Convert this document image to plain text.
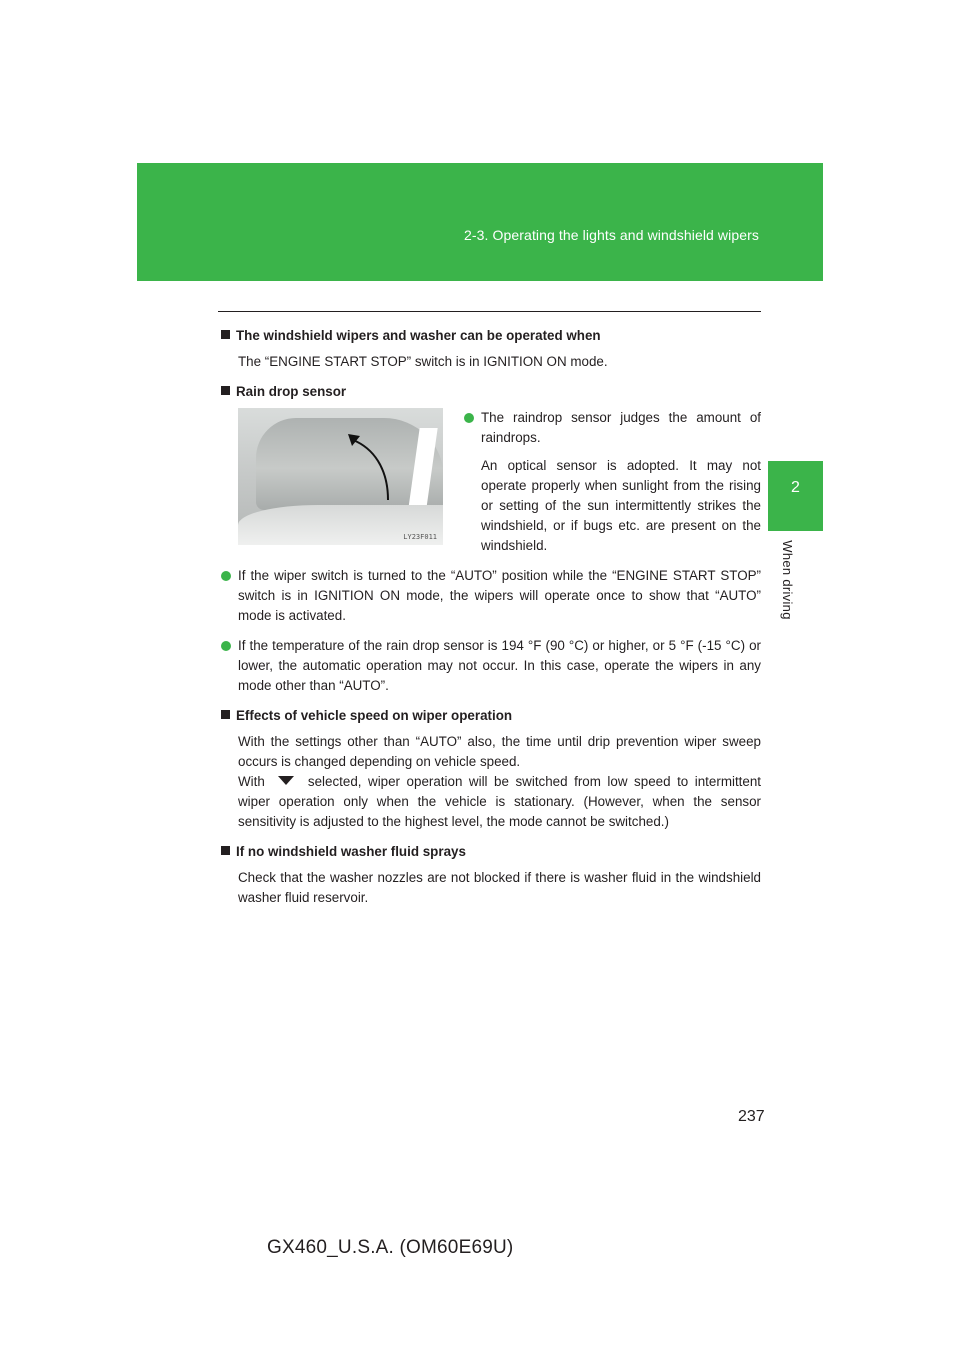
2-3. Operating the lights and windshield wipers
2
When driving
The windshield wipers and washer can be operated when

The “ENGINE START STOP” switch is in IGNITION ON mode.

Rain drop sensor
LY23F011
The raindrop sensor judges the amount of raindrops.

An optical sensor is adopted. It may not operate properly when sunlight from the rising or setting of the sun intermittently strikes the windshield, or if bugs etc. are present on the windshield.

If the wiper switch is turned to the “AUTO” position while the “ENGINE START STOP” switch is in IGNITION ON mode, the wipers will operate once to show that “AUTO” mode is activated.
If the temperature of the rain drop sensor is 194 °F (90 °C) or higher, or 5 °F (-15 °C) or lower, the automatic operation may not occur. In this case, operate the wipers in any mode other than “AUTO”.
Effects of vehicle speed on wiper operation

With the settings other than “AUTO” also, the time until drip prevention wiper sweep occurs is changed depending on vehicle speed.

With	selected, wiper operation will be switched from low speed to intermittent wiper operation only when the vehicle is stationary. (However, when the sensor sensitivity is adjusted to the highest level, the mode cannot be switched.)

If no windshield washer fluid sprays

Check that the washer nozzles are not blocked if there is washer fluid in the windshield washer fluid reservoir.

237
GX460_U.S.A. (OM60E69U)
